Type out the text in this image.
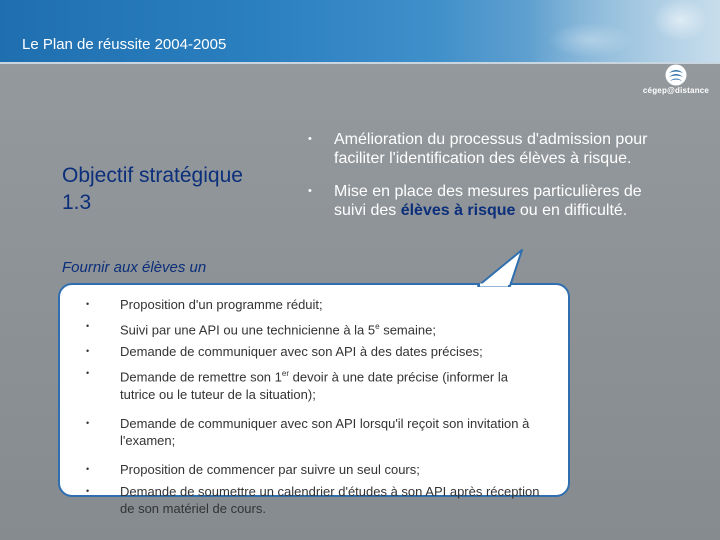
Le Plan de réussite 2004-2005
cégep@distance
Objectif stratégique
1.3
Fournir aux élèves un
• Amélioration du processus d'admission pour faciliter l'identification des élèves à risque.
• Mise en place des mesures particulières de suivi des élèves à risque ou en difficulté.
• Proposition d'un programme réduit;
• Suivi par une API ou une technicienne à la 5e semaine;
• Demande de communiquer avec son API à des dates précises;
• Demande de remettre son 1er devoir à une date précise (informer la tutrice ou le tuteur de la situation);
• Demande de communiquer avec son API lorsqu'il reçoit son invitation à l'examen;
• Proposition de commencer par suivre un seul cours;
• Demande de soumettre un calendrier d'études à son API après réception de son matériel de cours.
